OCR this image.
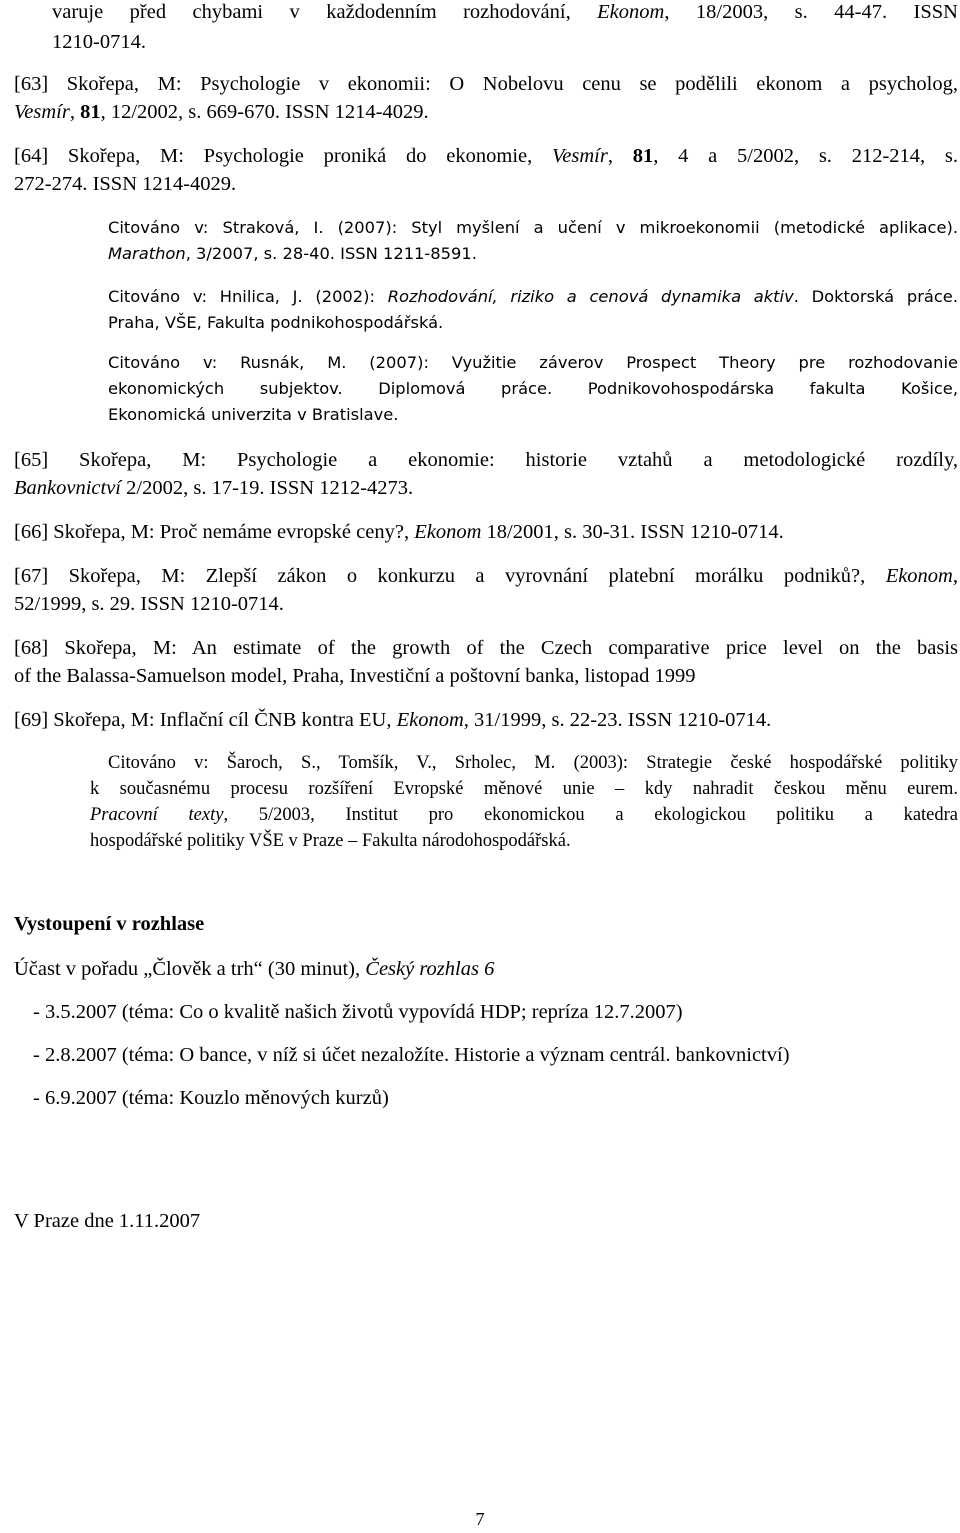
varuje před chybami v každodenním rozhodování, Ekonom, 18/2003, s. 44-47. ISSN
1210-0714.
[63] Skořepa, M: Psychologie v ekonomii: O Nobelovu cenu se podělili ekonom a psycholog,
Vesmír, 81, 12/2002, s. 669-670. ISSN 1214-4029.
[64] Skořepa, M: Psychologie proniká do ekonomie, Vesmír, 81, 4 a 5/2002, s. 212-214, s.
272-274. ISSN 1214-4029.
Citováno v: Straková, I. (2007): Styl myšlení a učení v mikroekonomii (metodické aplikace).
Marathon, 3/2007, s. 28-40. ISSN 1211-8591.
Citováno v: Hnilica, J. (2002): Rozhodování, riziko a cenová dynamika aktiv. Doktorská práce.
Praha, VŠE, Fakulta podnikohospodářská.
Citováno v: Rusnák, M. (2007): Využitie záverov Prospect Theory pre rozhodovanie
ekonomických subjektov. Diplomová práce. Podnikovohospodárska fakulta Košice,
Ekonomická univerzita v Bratislave.
[65] Skořepa, M: Psychologie a ekonomie: historie vztahů a metodologické rozdíly,
Bankovnictví 2/2002, s. 17-19. ISSN 1212-4273.
[66] Skořepa, M: Proč nemáme evropské ceny?, Ekonom 18/2001, s. 30-31. ISSN 1210-0714.
[67] Skořepa, M: Zlepší zákon o konkurzu a vyrovnání platební morálku podniků?, Ekonom,
52/1999, s. 29. ISSN 1210-0714.
[68] Skořepa, M: An estimate of the growth of the Czech comparative price level on the basis
of the Balassa-Samuelson model, Praha, Investiční a poštovní banka, listopad 1999
[69] Skořepa, M: Inflační cíl ČNB kontra EU, Ekonom, 31/1999, s. 22-23. ISSN 1210-0714.
Citováno v: Šaroch, S., Tomšík, V., Srholec, M. (2003): Strategie české hospodářské politiky
k současnému procesu rozšíření Evropské měnové unie – kdy nahradit českou měnu eurem.
Pracovní texty, 5/2003, Institut pro ekonomickou a ekologickou politiku a katedra
hospodářské politiky VŠE v Praze – Fakulta národohospodářská.
Vystoupení v rozhlase
Účast v pořadu „Člověk a trh“ (30 minut), Český rozhlas 6
- 3.5.2007 (téma: Co o kvalitě našich životů vypovídá HDP; repríza 12.7.2007)
- 2.8.2007 (téma: O bance, v níž si účet nezaložíte. Historie a význam centrál. bankovnictví)
- 6.9.2007 (téma: Kouzlo měnových kurzů)
V Praze dne 1.11.2007
7
